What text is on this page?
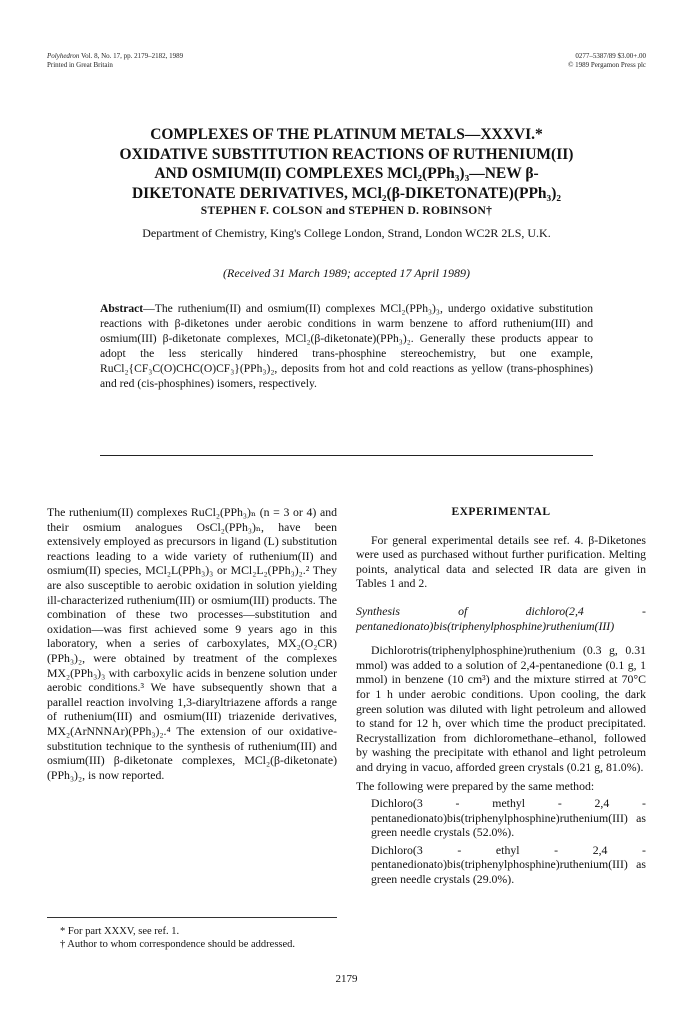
Polyhedron Vol. 8, No. 17, pp. 2179–2182, 1989
Printed in Great Britain
0277–5387/89 $3.00+.00
© 1989 Pergamon Press plc
COMPLEXES OF THE PLATINUM METALS—XXXVI.*
OXIDATIVE SUBSTITUTION REACTIONS OF RUTHENIUM(II)
AND OSMIUM(II) COMPLEXES MCl₂(PPh₃)₃—NEW β-
DIKETONATE DERIVATIVES, MCl₂(β-DIKETONATE)(PPh₃)₂
STEPHEN F. COLSON and STEPHEN D. ROBINSON†
Department of Chemistry, King's College London, Strand, London WC2R 2LS, U.K.
(Received 31 March 1989; accepted 17 April 1989)
Abstract—The ruthenium(II) and osmium(II) complexes MCl₂(PPh₃)₃, undergo oxidative substitution reactions with β-diketones under aerobic conditions in warm benzene to afford ruthenium(III) and osmium(III) β-diketonate complexes, MCl₂(β-diketonate)(PPh₃)₂. Generally these products appear to adopt the less sterically hindered trans-phosphine stereochemistry, but one example, RuCl₂{CF₃C(O)CHC(O)CF₃}(PPh₃)₂, deposits from hot and cold reactions as yellow (trans-phosphines) and red (cis-phosphines) isomers, respectively.

The ruthenium(II) complexes RuCl₂(PPh₃)ₙ (n = 3 or 4) and their osmium analogues OsCl₂(PPh₃)ₙ, have been extensively employed as precursors in ligand (L) substitution reactions leading to a wide variety of ruthenium(II) and osmium(II) species, MCl₂L(PPh₃)₃ or MCl₂L₂(PPh₃)₂.² They are also susceptible to aerobic oxidation in solution yielding ill-characterized ruthenium(III) or osmium(III) products. The combination of these two processes—substitution and oxidation—was first achieved some 9 years ago in this laboratory, when a series of carboxylates, MX₂(O₂CR)(PPh₃)₂, were obtained by treatment of the complexes MX₂(PPh₃)₃ with carboxylic acids in benzene solution under aerobic conditions.³ We have subsequently shown that a parallel reaction involving 1,3-diaryltriazene affords a range of ruthenium(III) and osmium(III) triazenide derivatives, MX₂(ArNNNAr)(PPh₃)₂.⁴ The extension of our oxidative-substitution technique to the synthesis of ruthenium(III) and osmium(III) β-diketonate complexes, MCl₂(β-diketonate)(PPh₃)₂, is now reported.

EXPERIMENTAL

For general experimental details see ref. 4. β-Diketones were used as purchased without further purification. Melting points, analytical data and selected IR data are given in Tables 1 and 2.

Synthesis of dichloro(2,4 - pentanedionato)bis(triphenylphosphine)ruthenium(III)

Dichlorotris(triphenylphosphine)ruthenium (0.3 g, 0.31 mmol) was added to a solution of 2,4-pentanedione (0.1 g, 1 mmol) in benzene (10 cm³) and the mixture stirred at 70°C for 1 h under aerobic conditions. Upon cooling, the dark green solution was diluted with light petroleum and allowed to stand for 12 h, over which time the product precipitated. Recrystallization from dichloromethane–ethanol, followed by washing the precipitate with ethanol and light petroleum and drying in vacuo, afforded green crystals (0.21 g, 81.0%).

The following were prepared by the same method:

Dichloro(3 - methyl - 2,4 - pentanedionato)bis(triphenylphosphine)ruthenium(III) as green needle crystals (52.0%).

Dichloro(3 - ethyl - 2,4 - pentanedionato)bis(triphenylphosphine)ruthenium(III) as green needle crystals (29.0%).

* For part XXXV, see ref. 1.
† Author to whom correspondence should be addressed.
2179
